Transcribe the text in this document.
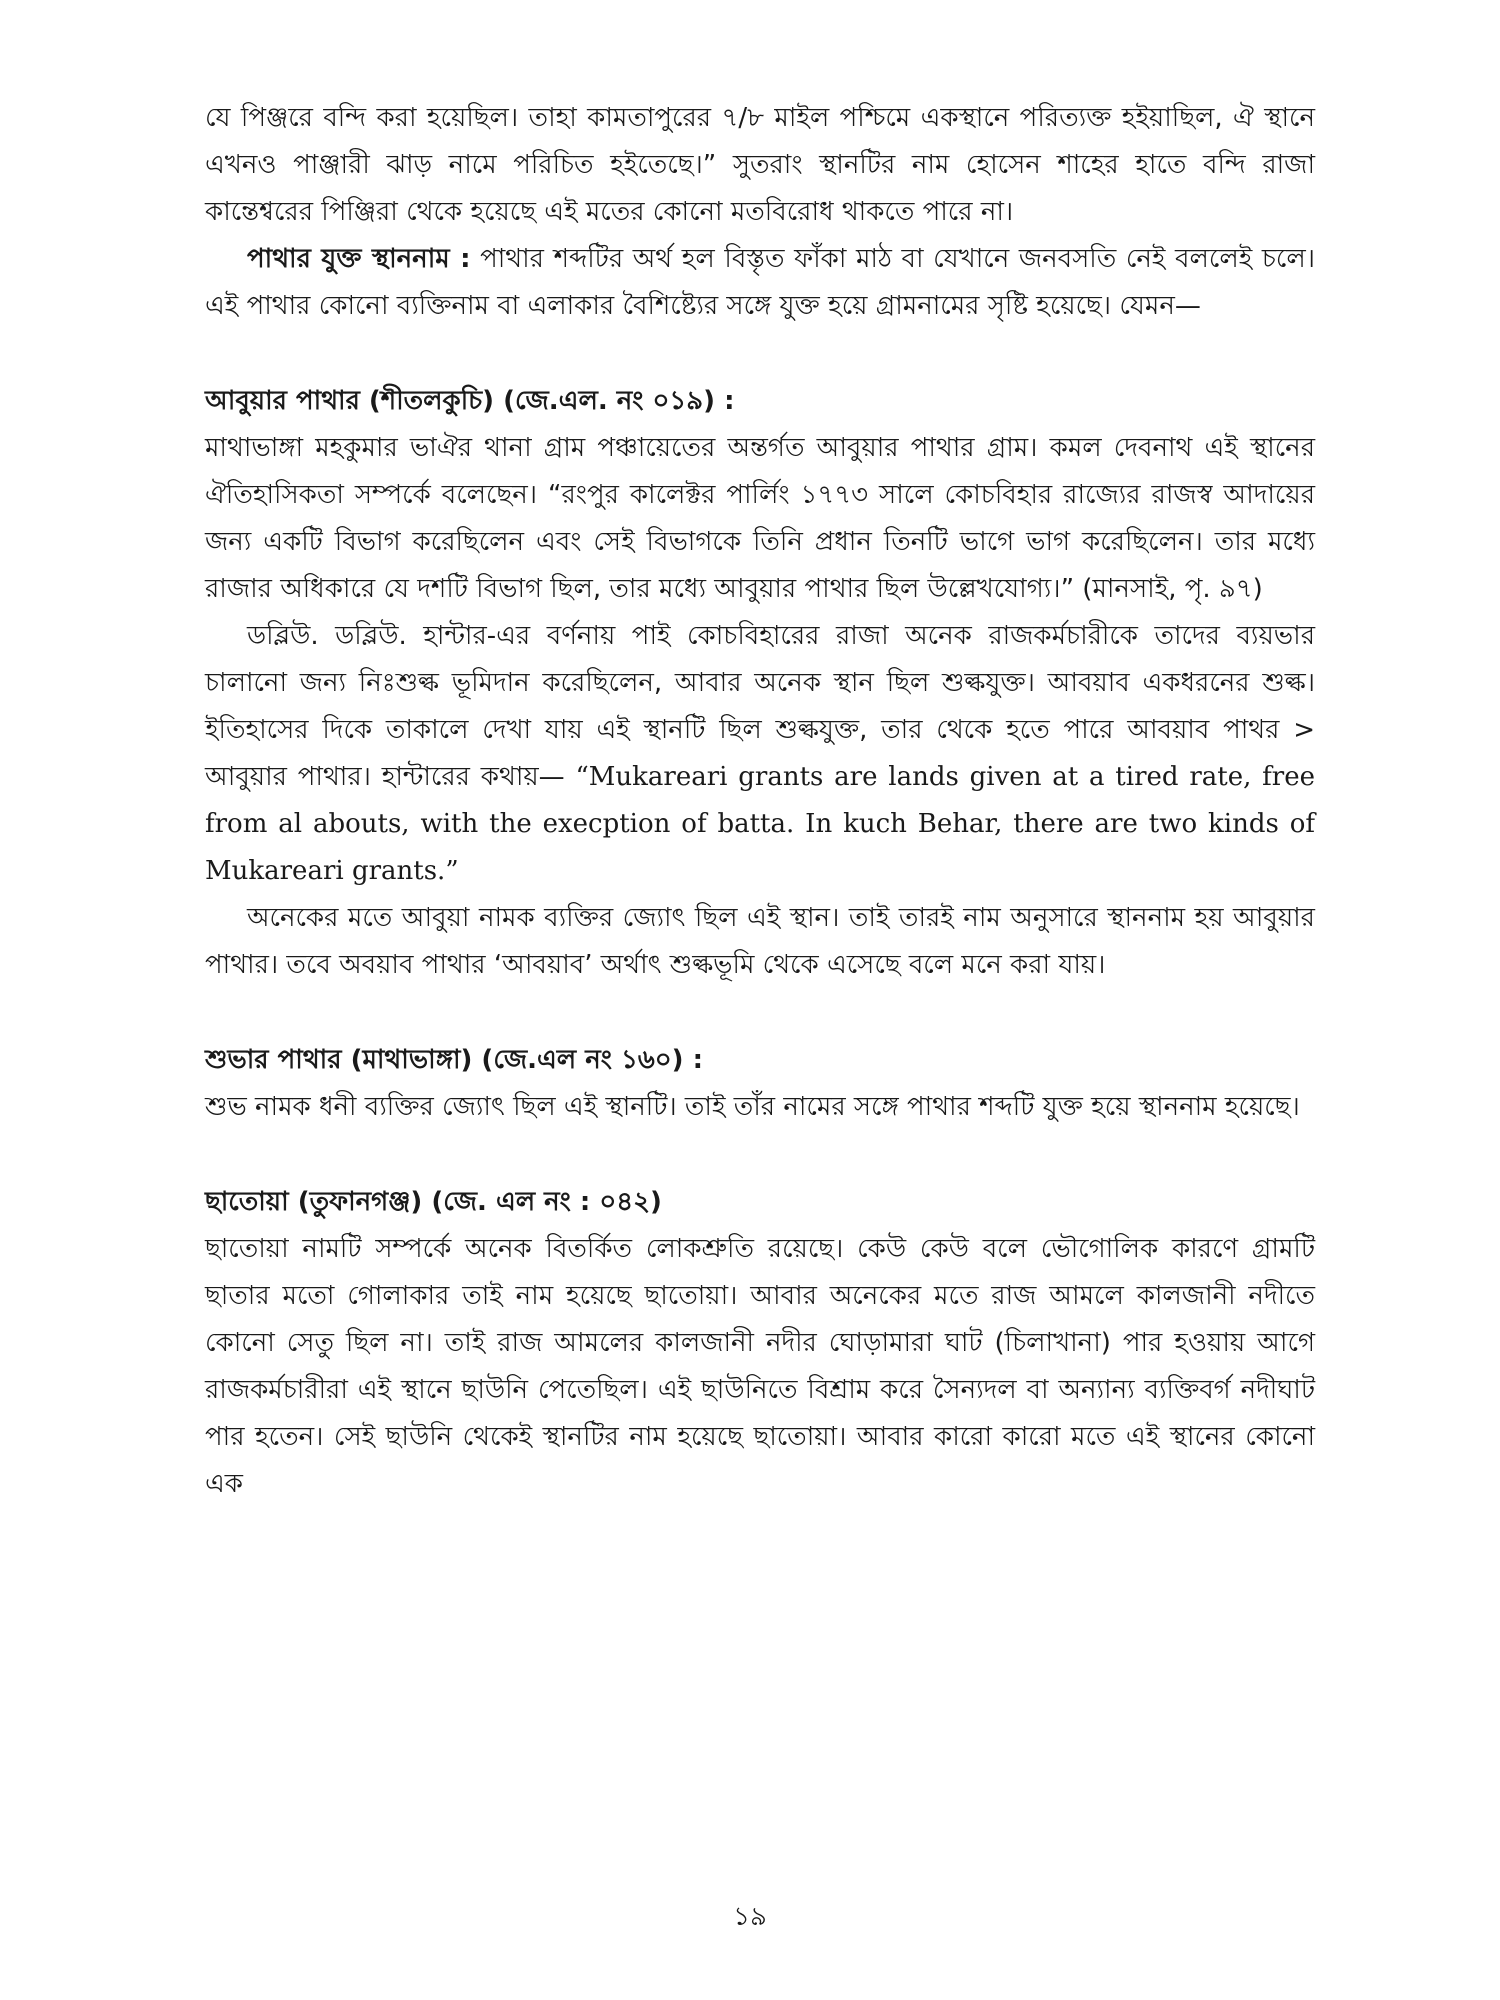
যে পিঞ্জরে বন্দি করা হয়েছিল। তাহা কামতাপুরের ৭/৮ মাইল পশ্চিমে একস্থানে পরিত্যক্ত হইয়াছিল, ঐ স্থানে এখনও পাঞ্জারী ঝাড় নামে পরিচিত হইতেছে।” সুতরাং স্থানটির নাম হোসেন শাহের হাতে বন্দি রাজা কান্তেশ্বরের পিঞ্জিরা থেকে হয়েছে এই মতের কোনো মতবিরোধ থাকতে পারে না।

পাথার যুক্ত স্থাননাম : পাথার শব্দটির অর্থ হল বিস্তৃত ফাঁকা মাঠ বা যেখানে জনবসতি নেই বললেই চলে। এই পাথার কোনো ব্যক্তিনাম বা এলাকার বৈশিষ্ট্যের সঙ্গে যুক্ত হয়ে গ্রামনামের সৃষ্টি হয়েছে। যেমন—

আবুয়ার পাথার (শীতলকুচি) (জে.এল. নং ০১৯) :

মাথাভাঙ্গা মহকুমার ভাঐর থানা গ্রাম পঞ্চায়েতের অন্তর্গত আবুয়ার পাথার গ্রাম। কমল দেবনাথ এই স্থানের ঐতিহাসিকতা সম্পর্কে বলেছেন। “রংপুর কালেক্টর পার্লিং ১৭৭৩ সালে কোচবিহার রাজ্যের রাজস্ব আদায়ের জন্য একটি বিভাগ করেছিলেন এবং সেই বিভাগকে তিনি প্রধান তিনটি ভাগে ভাগ করেছিলেন। তার মধ্যে রাজার অধিকারে যে দশটি বিভাগ ছিল, তার মধ্যে আবুয়ার পাথার ছিল উল্লেখযোগ্য।” (মানসাই, পৃ. ৯৭)

ডব্লিউ. ডব্লিউ. হান্টার-এর বর্ণনায় পাই কোচবিহারের রাজা অনেক রাজকর্মচারীকে তাদের ব্যয়ভার চালানো জন্য নিঃশুল্ক ভূমিদান করেছিলেন, আবার অনেক স্থান ছিল শুল্কযুক্ত। আবয়াব একধরনের শুল্ক। ইতিহাসের দিকে তাকালে দেখা যায় এই স্থানটি ছিল শুল্কযুক্ত, তার থেকে হতে পারে আবয়াব পাথর > আবুয়ার পাথার। হান্টারের কথায়— “Mukareari grants are lands given at a tired rate, free from al abouts, with the execption of batta. In kuch Behar, there are two kinds of Mukareari grants.”

অনেকের মতে আবুয়া নামক ব্যক্তির জ্যোৎ ছিল এই স্থান। তাই তারই নাম অনুসারে স্থাননাম হয় আবুয়ার পাথার। তবে অবয়াব পাথার ‘আবয়াব’ অর্থাৎ শুল্কভূমি থেকে এসেছে বলে মনে করা যায়।

শুভার পাথার (মাথাভাঙ্গা) (জে.এল নং ১৬০) :

শুভ নামক ধনী ব্যক্তির জ্যোৎ ছিল এই স্থানটি। তাই তাঁর নামের সঙ্গে পাথার শব্দটি যুক্ত হয়ে স্থাননাম হয়েছে।

ছাতোয়া (তুফানগঞ্জ) (জে. এল নং : ০৪২)

ছাতোয়া নামটি সম্পর্কে অনেক বিতর্কিত লোকশ্রুতি রয়েছে। কেউ কেউ বলে ভৌগোলিক কারণে গ্রামটি ছাতার মতো গোলাকার তাই নাম হয়েছে ছাতোয়া। আবার অনেকের মতে রাজ আমলে কালজানী নদীতে কোনো সেতু ছিল না। তাই রাজ আমলের কালজানী নদীর ঘোড়ামারা ঘাট (চিলাখানা) পার হওয়ায় আগে রাজকর্মচারীরা এই স্থানে ছাউনি পেতেছিল। এই ছাউনিতে বিশ্রাম করে সৈন্যদল বা অন্যান্য ব্যক্তিবর্গ নদীঘাট পার হতেন। সেই ছাউনি থেকেই স্থানটির নাম হয়েছে ছাতোয়া। আবার কারো কারো মতে এই স্থানের কোনো এক

১৯
